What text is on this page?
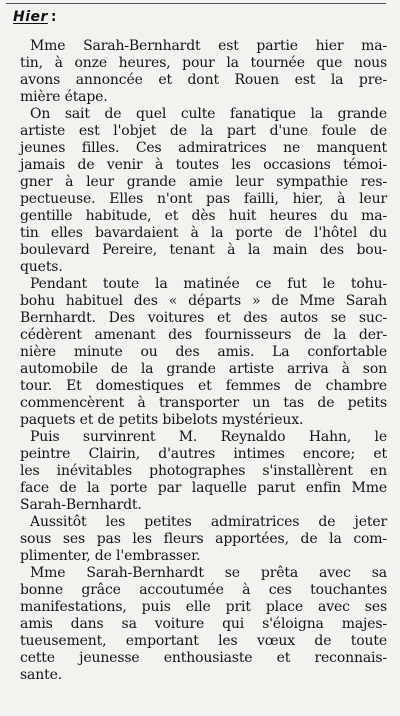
Hier :

Mme Sarah-Bernhardt est partie hier ma-
tin, à onze heures, pour la tournée que nous
avons annoncée et dont Rouen est la pre-
mière étape.

On sait de quel culte fanatique la grande
artiste est l'objet de la part d'une foule de
jeunes filles. Ces admiratrices ne manquent
jamais de venir à toutes les occasions témoi-
gner à leur grande amie leur sympathie res-
pectueuse. Elles n'ont pas failli, hier, à leur
gentille habitude, et dès huit heures du ma-
tin elles bavardaient à la porte de l'hôtel du
boulevard Pereire, tenant à la main des bou-
quets.

Pendant toute la matinée ce fut le tohu-
bohu habituel des « départs » de Mme Sarah
Bernhardt. Des voitures et des autos se suc-
cédèrent amenant des fournisseurs de la der-
nière minute ou des amis. La confortable
automobile de la grande artiste arriva à son
tour. Et domestiques et femmes de chambre
commencèrent à transporter un tas de petits
paquets et de petits bibelots mystérieux.

Puis survinrent M. Reynaldo Hahn, le
peintre Clairin, d'autres intimes encore; et
les inévitables photographes s'installèrent en
face de la porte par laquelle parut enfin Mme
Sarah-Bernhardt.

Aussitôt les petites admiratrices de jeter
sous ses pas les fleurs apportées, de la com-
plimenter, de l'embrasser.

Mme Sarah-Bernhardt se prêta avec sa
bonne grâce accoutumée à ces touchantes
manifestations, puis elle prit place avec ses
amis dans sa voiture qui s'éloigna majes-
tueusement, emportant les vœux de toute
cette jeunesse enthousiaste et reconnais-
sante.
